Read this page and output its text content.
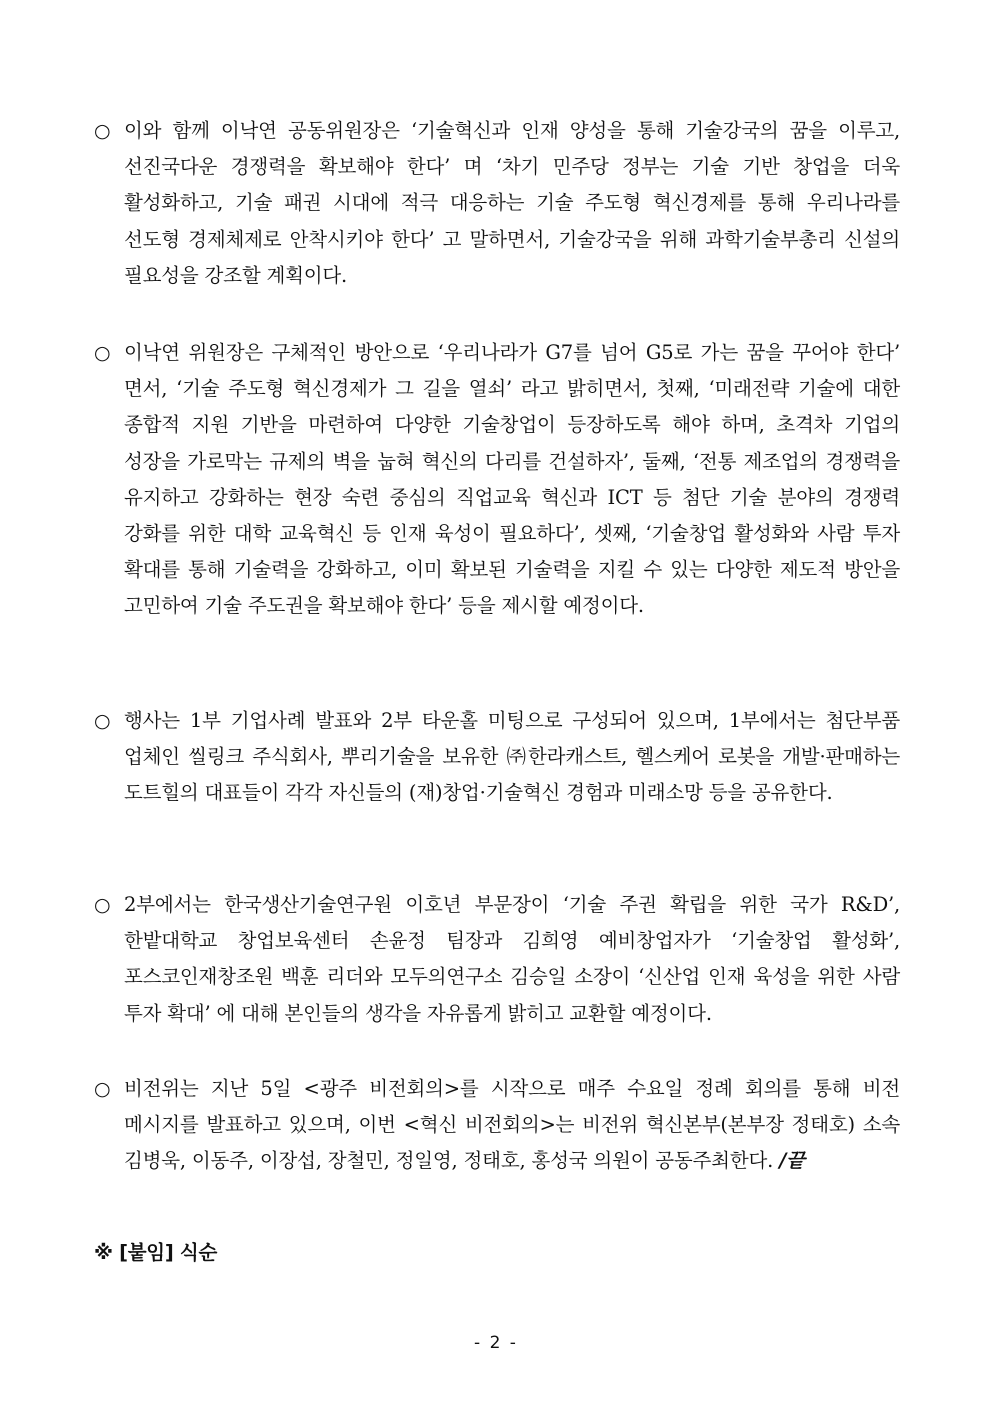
○ 이와 함께 이낙연 공동위원장은 ‘기술혁신과 인재 양성을 통해 기술강국의 꿈을 이루고, 선진국다운 경쟁력을 확보해야 한다’ 며 ‘차기 민주당 정부는 기술 기반 창업을 더욱 활성화하고, 기술 패권 시대에 적극 대응하는 기술 주도형 혁신경제를 통해 우리나라를 선도형 경제체제로 안착시키야 한다’ 고 말하면서, 기술강국을 위해 과학기술부총리 신설의 필요성을 강조할 계획이다.
○ 이낙연 위원장은 구체적인 방안으로 ‘우리나라가 G7를 넘어 G5로 가는 꿈을 꾸어야 한다’ 면서, ‘기술 주도형 혁신경제가 그 길을 열쇠’ 라고 밝히면서, 첫째, ‘미래전략 기술에 대한 종합적 지원 기반을 마련하여 다양한 기술창업이 등장하도록 해야 하며, 초격차 기업의 성장을 가로막는 규제의 벽을 눕혀 혁신의 다리를 건설하자’, 둘째, ‘전통 제조업의 경쟁력을 유지하고 강화하는 현장 숙련 중심의 직업교육 혁신과 ICT 등 첨단 기술 분야의 경쟁력 강화를 위한 대학 교육혁신 등 인재 육성이 필요하다’, 셋째, ‘기술창업 활성화와 사람 투자 확대를 통해 기술력을 강화하고, 이미 확보된 기술력을 지킬 수 있는 다양한 제도적 방안을 고민하여 기술 주도권을 확보해야 한다’ 등을 제시할 예정이다.
○ 행사는 1부 기업사례 발표와 2부 타운홀 미팅으로 구성되어 있으며, 1부에서는 첨단부품 업체인 씰링크 주식회사, 뿌리기술을 보유한 ㈜한라캐스트, 헬스케어 로봇을 개발·판매하는 도트힐의 대표들이 각각 자신들의 (재)창업·기술혁신 경험과 미래소망 등을 공유한다.
○ 2부에서는 한국생산기술연구원 이호년 부문장이 ‘기술 주권 확립을 위한 국가 R&D’, 한밭대학교 창업보육센터 손윤정 팀장과 김희영 예비창업자가 ‘기술창업 활성화’, 포스코인재창조원 백훈 리더와 모두의연구소 김승일 소장이 ‘신산업 인재 육성을 위한 사람 투자 확대’ 에 대해 본인들의 생각을 자유롭게 밝히고 교환할 예정이다.
○ 비전위는 지난 5일 <광주 비전회의>를 시작으로 매주 수요일 정례 회의를 통해 비전 메시지를 발표하고 있으며, 이번 <혁신 비전회의>는 비전위 혁신본부(본부장 정태호) 소속 김병욱, 이동주, 이장섭, 장철민, 정일영, 정태호, 홍성국 의원이 공동주최한다. /끝
※ [붙임] 식순
- 2 -
